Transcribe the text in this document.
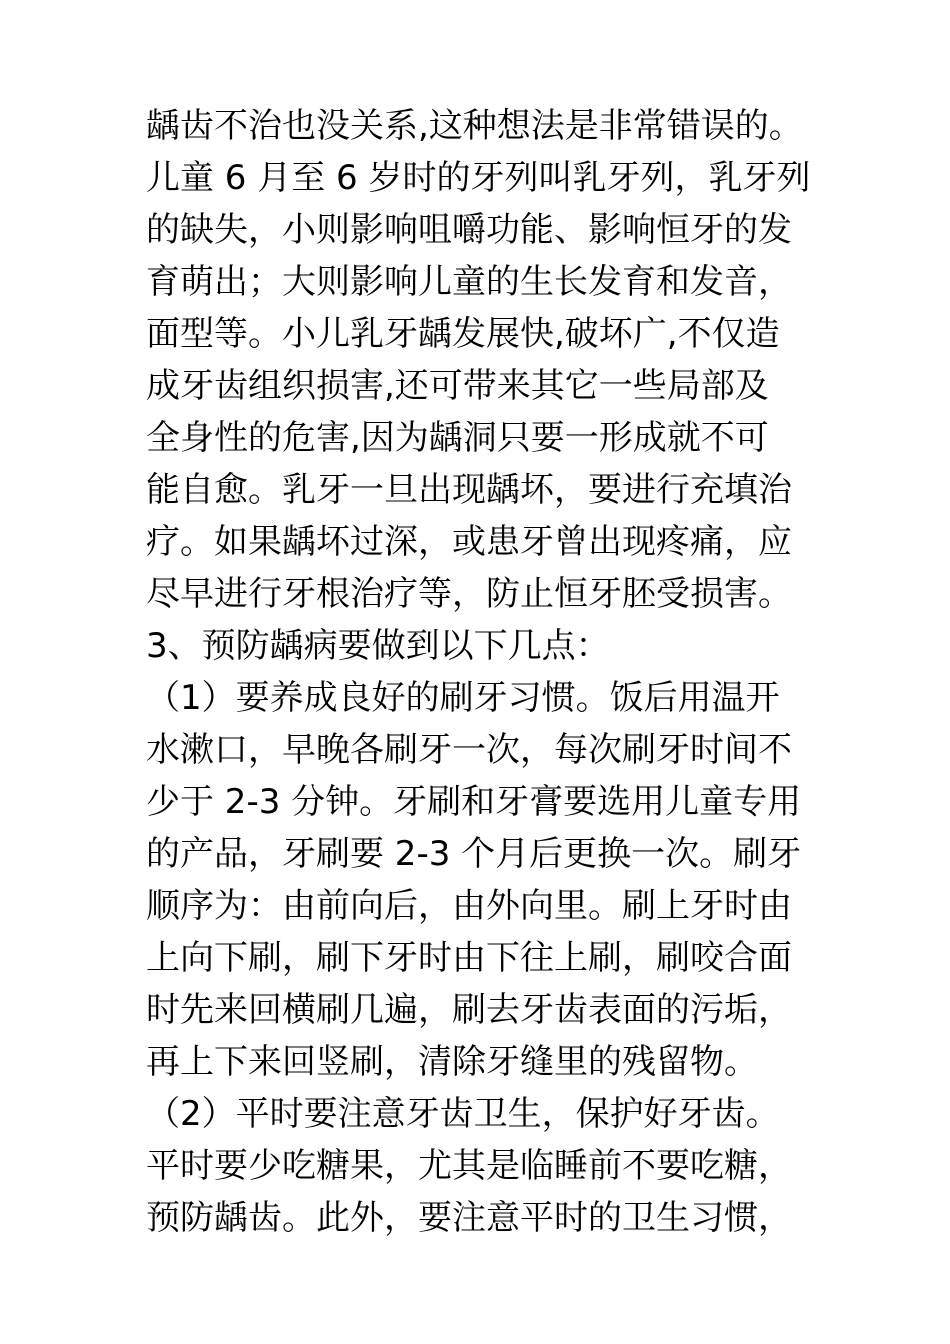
龋齿不治也没关系,这种想法是非常错误的。
儿童 6 月至 6 岁时的牙列叫乳牙列，乳牙列
的缺失，小则影响咀嚼功能、影响恒牙的发
育萌出；大则影响儿童的生长发育和发音，
面型等。小儿乳牙龋发展快,破坏广,不仅造
成牙齿组织损害,还可带来其它一些局部及
全身性的危害,因为龋洞只要一形成就不可
能自愈。乳牙一旦出现龋坏，要进行充填治
疗。如果龋坏过深，或患牙曾出现疼痛，应
尽早进行牙根治疗等，防止恒牙胚受损害。
3、预防龋病要做到以下几点：
（1）要养成良好的刷牙习惯。饭后用温开
水漱口，早晚各刷牙一次，每次刷牙时间不
少于 2-3 分钟。牙刷和牙膏要选用儿童专用
的产品，牙刷要 2-3 个月后更换一次。刷牙
顺序为：由前向后，由外向里。刷上牙时由
上向下刷，刷下牙时由下往上刷，刷咬合面
时先来回横刷几遍，刷去牙齿表面的污垢，
再上下来回竖刷，清除牙缝里的残留物。
（2）平时要注意牙齿卫生，保护好牙齿。
平时要少吃糖果，尤其是临睡前不要吃糖，
预防龋齿。此外，要注意平时的卫生习惯，
